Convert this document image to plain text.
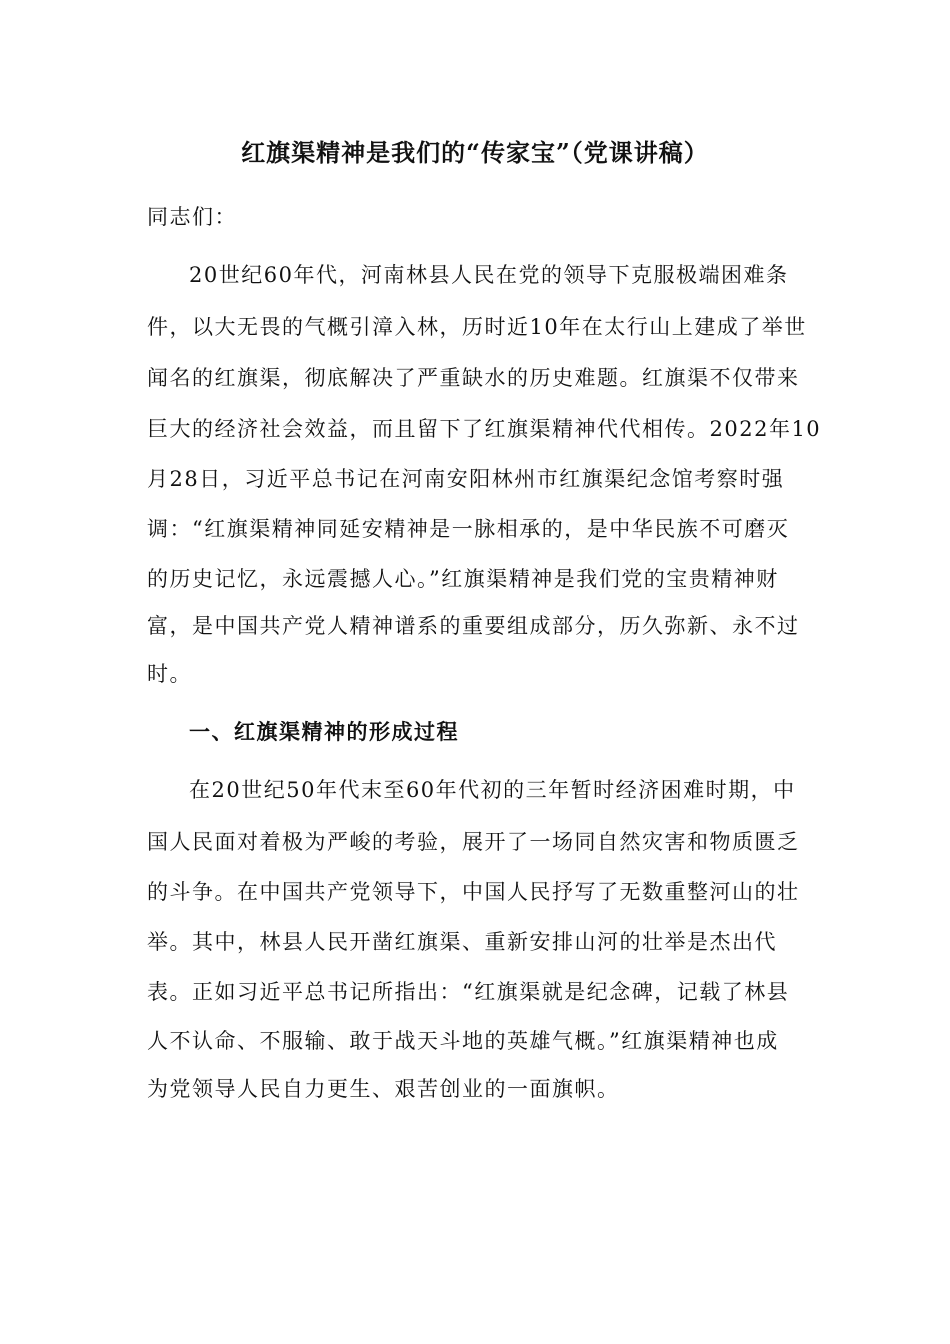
红旗渠精神是我们的“传家宝”（党课讲稿）
同志们：
20世纪60年代，河南林县人民在党的领导下克服极端困难条
件，以大无畏的气概引漳入林，历时近10年在太行山上建成了举世
闻名的红旗渠，彻底解决了严重缺水的历史难题。红旗渠不仅带来
巨大的经济社会效益，而且留下了红旗渠精神代代相传。2022年10
月28日，习近平总书记在河南安阳林州市红旗渠纪念馆考察时强
调：“红旗渠精神同延安精神是一脉相承的，是中华民族不可磨灭
的历史记忆，永远震撼人心。”红旗渠精神是我们党的宝贵精神财
富，是中国共产党人精神谱系的重要组成部分，历久弥新、永不过
时。
一、红旗渠精神的形成过程
在20世纪50年代末至60年代初的三年暂时经济困难时期，中
国人民面对着极为严峻的考验，展开了一场同自然灾害和物质匮乏
的斗争。在中国共产党领导下，中国人民抒写了无数重整河山的壮
举。其中，林县人民开凿红旗渠、重新安排山河的壮举是杰出代
表。正如习近平总书记所指出：“红旗渠就是纪念碑，记载了林县
人不认命、不服输、敢于战天斗地的英雄气概。”红旗渠精神也成
为党领导人民自力更生、艰苦创业的一面旗帜。
